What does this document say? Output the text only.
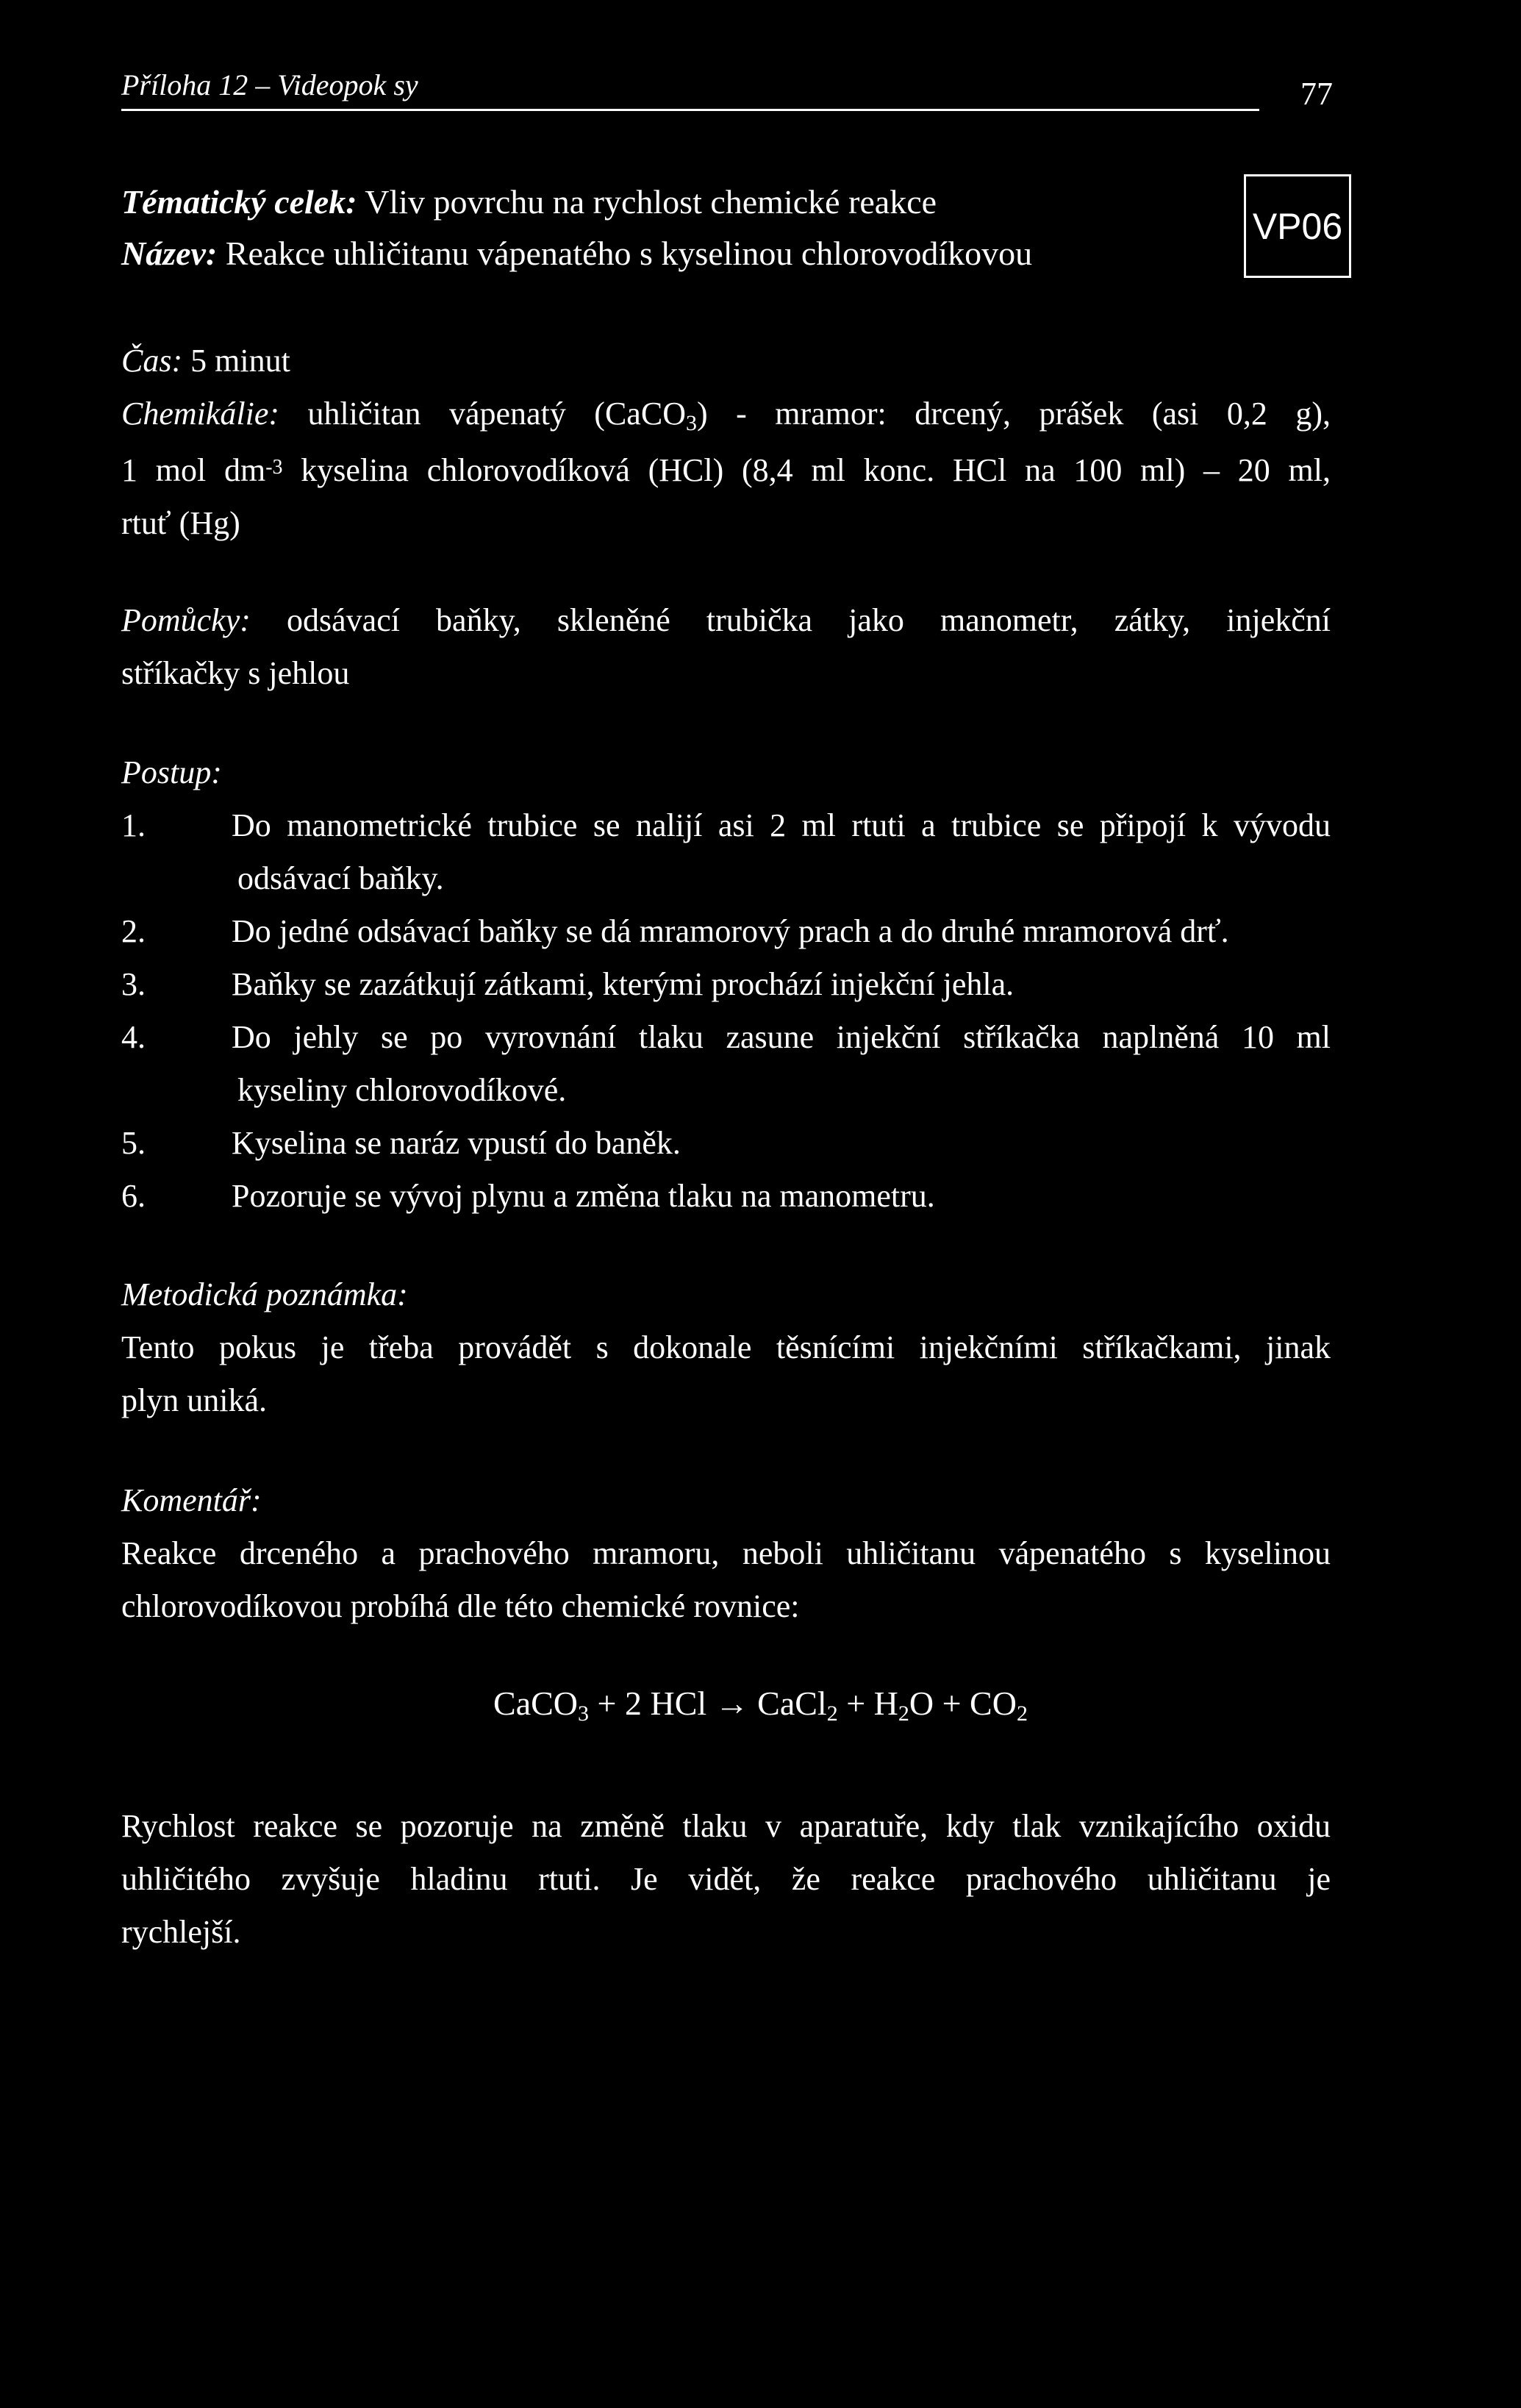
Příloha 12 – Videopok sy	77
Tématický celek: Vliv povrchu na rychlost chemické reakce
Název: Reakce uhličitanu vápenatého s kyselinou chlorovodíkovou
VP06
Čas: 5 minut
Chemikálie: uhličitan vápenatý (CaCO$_3$) - mramor: drcený, prášek (asi 0,2 g),
1 mol $dm^{-3}$ kyselina chlorovodíková (HCl) (8,4 ml konc. HCl na 100 ml) – 20 ml,
rtuť (Hg)
Pomůcky: odsávací baňky, skleněné trubička jako manometr, zátky, injekční
stříkačky s jehlou
Postup:
1.	Do manometrické trubice se nalijí asi 2 ml rtuti a trubice se připojí k vývodu
odsávací baňky.
2.	Do jedné odsávací baňky se dá mramorový prach a do druhé mramorová drť.
3.	Baňky se zazátkují zátkami, kterými prochází injekční jehla.
4.	Do jehly se po vyrovnání tlaku zasune injekční stříkačka naplněná 10 ml
kyseliny chlorovodíkové.
5.	Kyselina se naráz vpustí do baněk.
6.	Pozoruje se vývoj plynu a změna tlaku na manometru.
Metodická poznámka:
Tento pokus je třeba provádět s dokonale těsnícími injekčními stříkačkami, jinak
plyn uniká.
Komentář:
Reakce drceného a prachového mramoru, neboli uhličitanu vápenatého s kyselinou
chlorovodíkovou probíhá dle této chemické rovnice:
CaCO$_3$ + 2 HCl → CaCl$_2$ + $H_2O + CO_2$
Rychlost reakce se pozoruje na změně tlaku v aparatuře, kdy tlak vznikajícího oxidu
uhličitého zvyšuje hladinu rtuti. Je vidět, že reakce prachového uhličitanu je
rychlejší.
